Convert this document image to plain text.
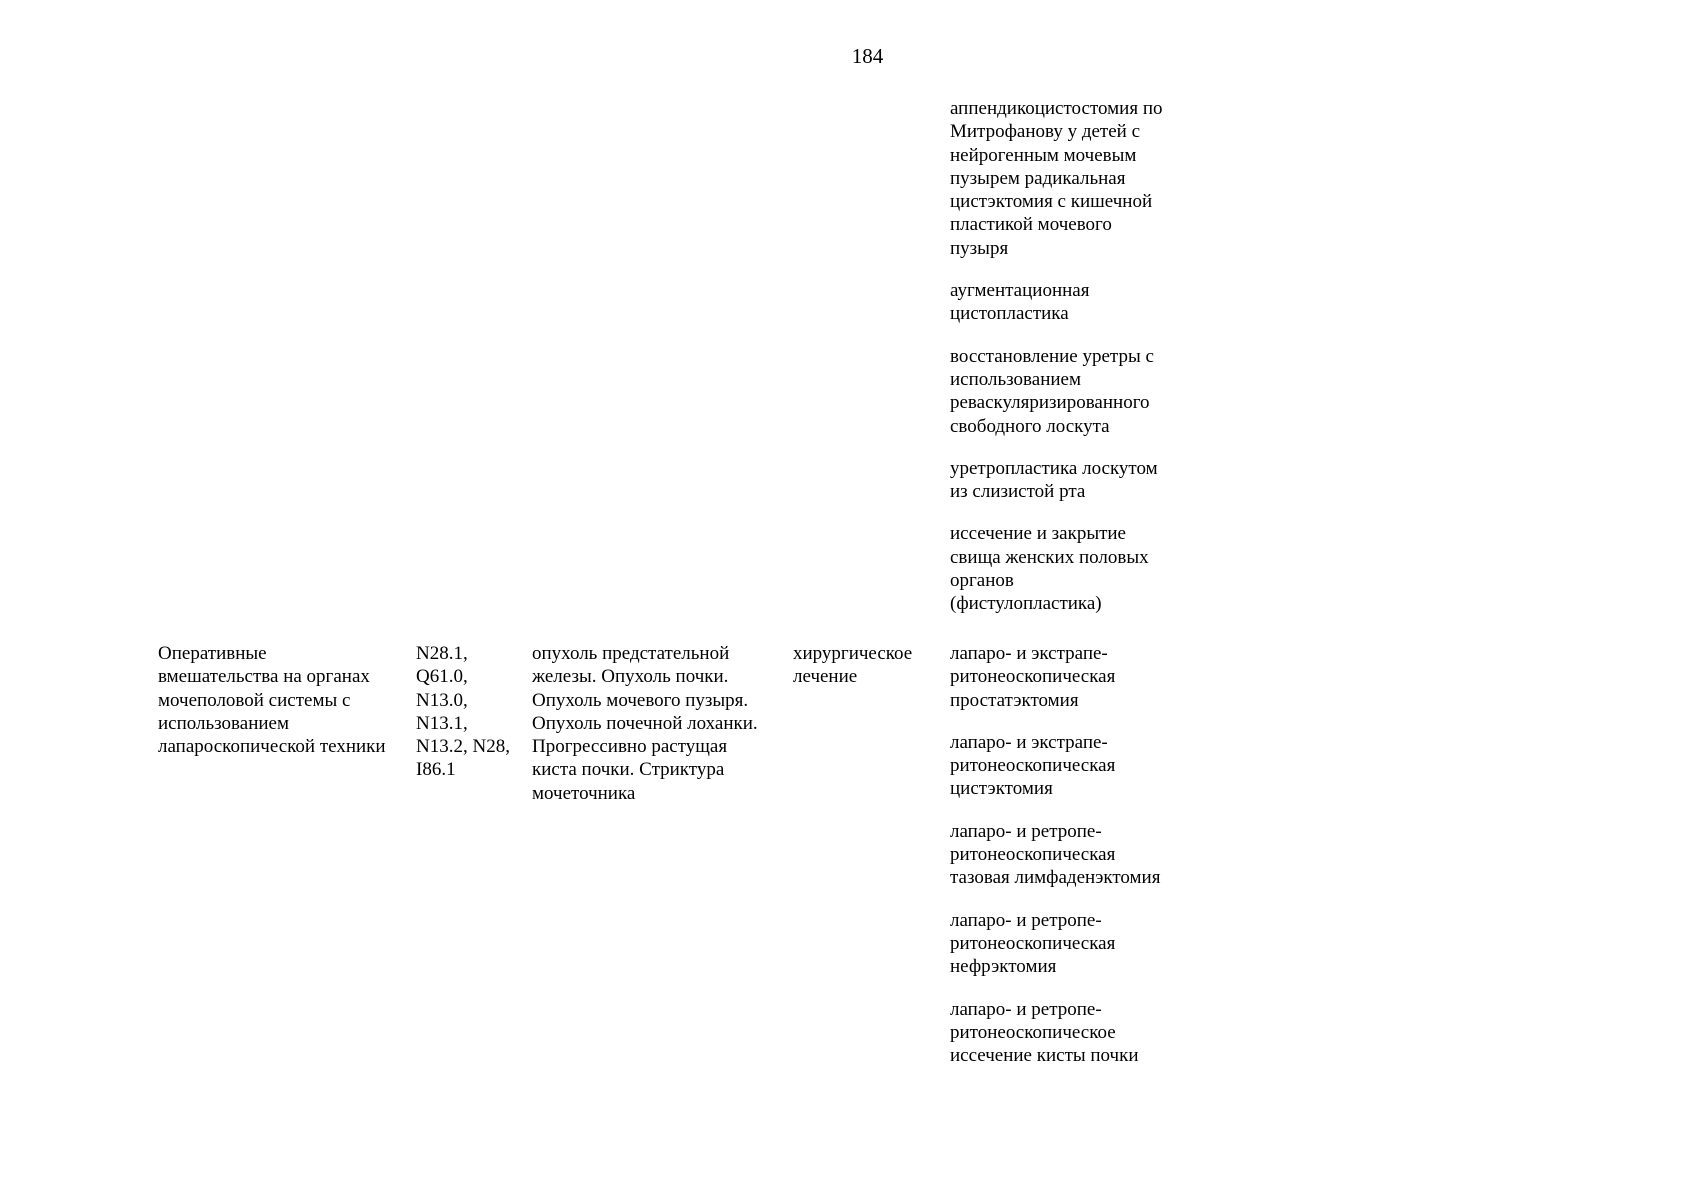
184
аппендикоцистостомия по
Митрофанову у детей с
нейрогенным мочевым
пузырем радикальная
цистэктомия с кишечной
пластикой мочевого
пузыря
аугментационная
цистопластика
восстановление уретры с
использованием
реваскуляризированного
свободного лоскута
уретропластика лоскутом
из слизистой рта
иссечение и закрытие
свища женских половых
органов
(фистулопластика)
Оперативные
вмешательства на органах
мочеполовой системы с
использованием
лапароскопической техники
N28.1,
Q61.0,
N13.0,
N13.1,
N13.2, N28,
I86.1
опухоль предстательной
железы. Опухоль почки.
Опухоль мочевого пузыря.
Опухоль почечной лоханки.
Прогрессивно растущая
киста почки. Стриктура
мочеточника
хирургическое
лечение
лапаро- и экстрапе-
ритонеоскопическая
простатэктомия
лапаро- и экстрапе-
ритонеоскопическая
цистэктомия
лапаро- и ретропе-
ритонеоскопическая
тазовая лимфаденэктомия
лапаро- и ретропе-
ритонеоскопическая
нефрэктомия
лапаро- и ретропе-
ритонеоскопическое
иссечение кисты почки
